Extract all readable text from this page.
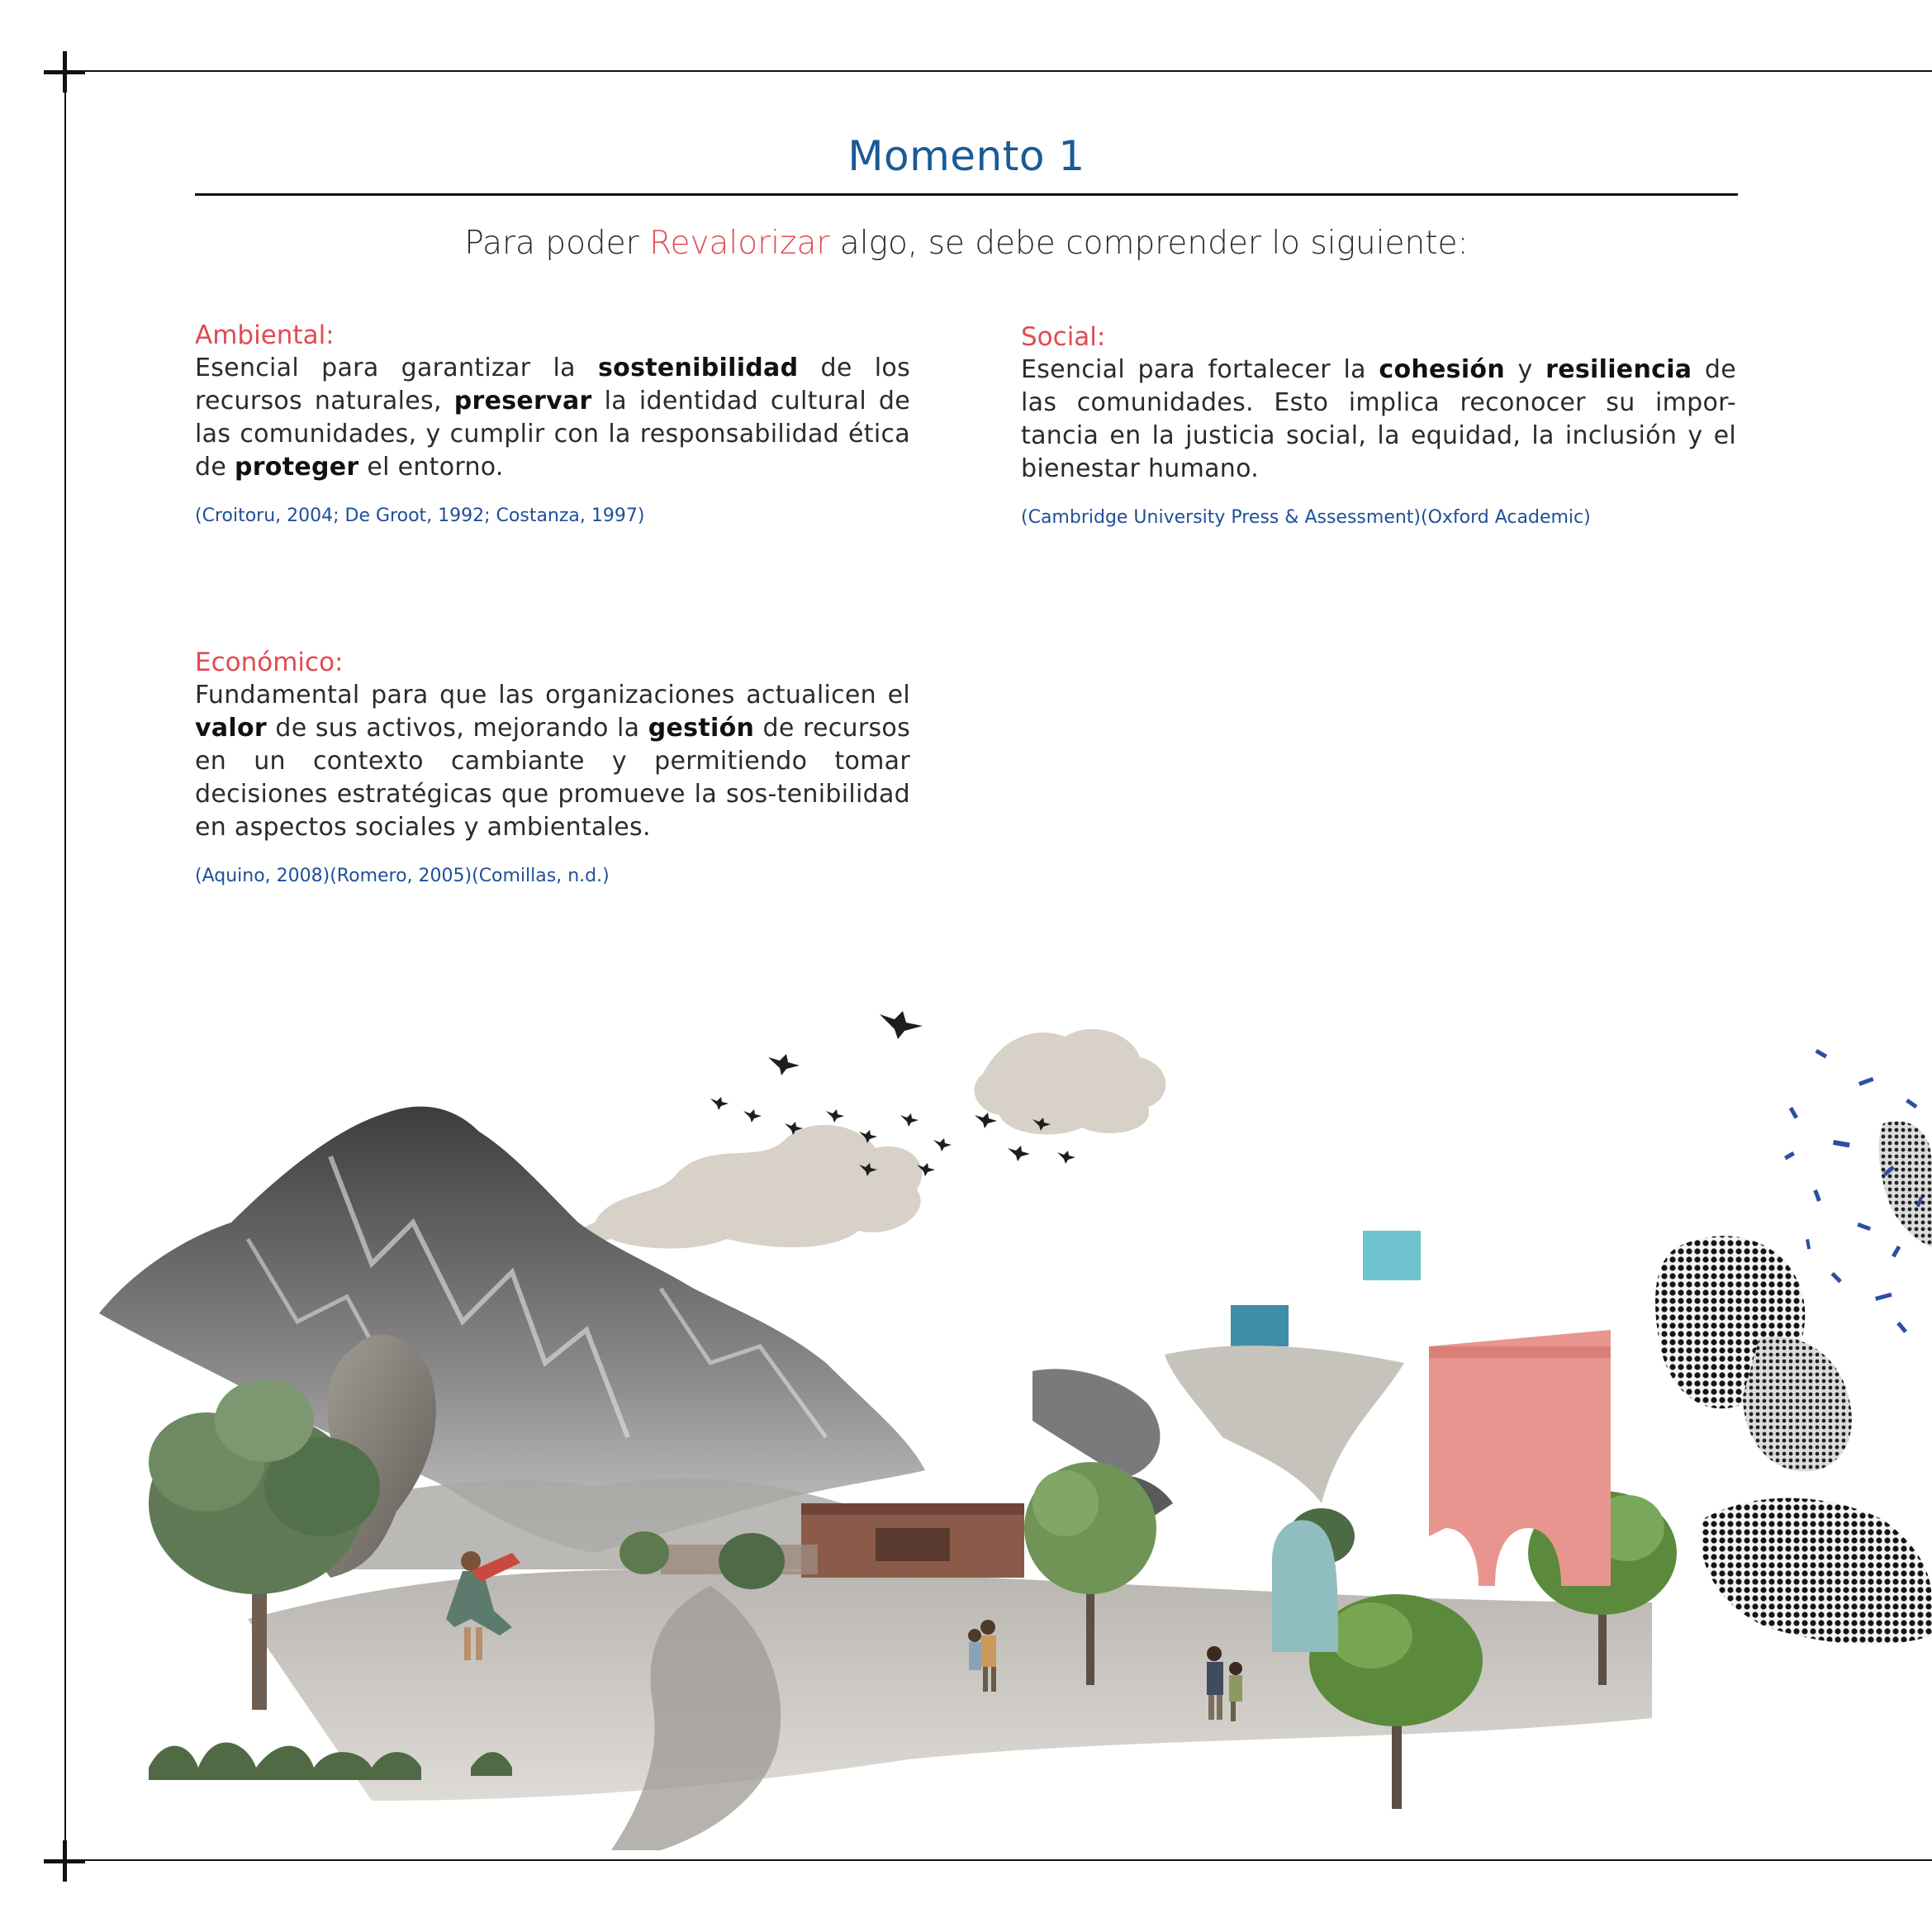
Momento 1
Para poder Revalorizar algo, se debe comprender lo siguiente:

Ambiental:

Esencial para garantizar la sostenibilidad de los recursos naturales, preservar la identidad cultural de las comunidades, y cumplir con la responsabilidad ética de proteger el entorno.

(Croitoru, 2004; De Groot, 1992; Costanza, 1997)

Social:

Esencial para fortalecer la cohesión y resiliencia de las comunidades. Esto implica reconocer su impor-tancia en la justicia social, la equidad, la inclusión y el bienestar humano.

(Cambridge University Press & Assessment)(Oxford Academic)

Económico:

Fundamental para que las organizaciones actualicen el valor de sus activos, mejorando la gestión de recursos en un contexto cambiante y permitiendo tomar decisiones estratégicas que promueve la sos-tenibilidad en aspectos sociales y ambientales.

(Aquino, 2008)(Romero, 2005)(Comillas, n.d.)
